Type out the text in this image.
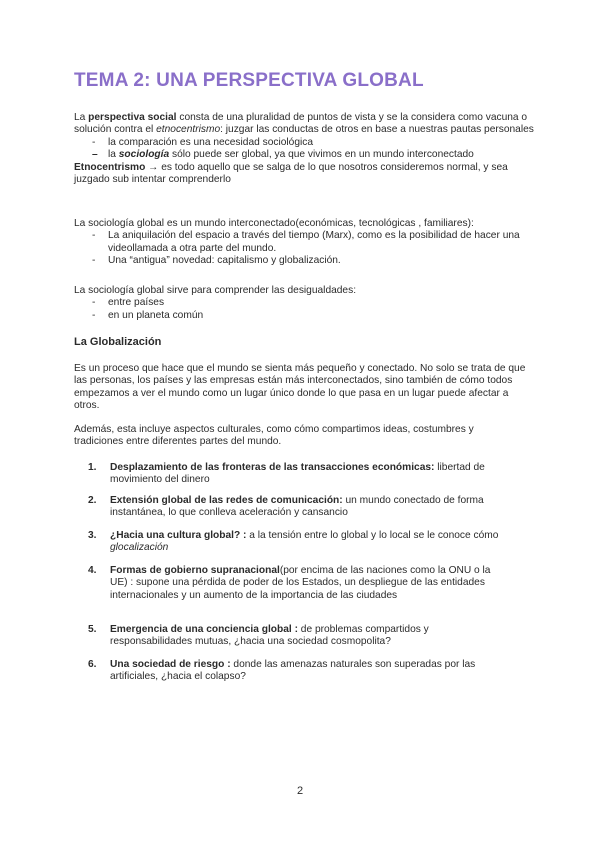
TEMA 2: UNA PERSPECTIVA GLOBAL

La perspectiva social consta de una pluralidad de puntos de vista y se la considera como vacuna o solución contra el etnocentrismo: juzgar las conductas de otros en base a nuestras pautas personales

- la comparación es una necesidad sociológica
– la sociología sólo puede ser global, ya que vivimos en un mundo interconectado

Etnocentrismo → es todo aquello que se salga de lo que nosotros consideremos normal, y sea juzgado sub intentar comprenderlo

La sociología global es un mundo interconectado(económicas, tecnológicas , familiares):

- La aniquilación del espacio a través del tiempo (Marx), como es la posibilidad de hacer una videollamada a otra parte del mundo.
- Una “antigua” novedad: capitalismo y globalización.

La sociología global sirve para comprender las desigualdades:

- entre países
- en un planeta común
La Globalización
Es un proceso que hace que el mundo se sienta más pequeño y conectado. No solo se trata de que las personas, los países y las empresas están más interconectados, sino también de cómo todos empezamos a ver el mundo como un lugar único donde lo que pasa en un lugar puede afectar a otros.
Además, esta incluye aspectos culturales, como cómo compartimos ideas, costumbres y tradiciones entre diferentes partes del mundo.
1.	Desplazamiento de las fronteras de las transacciones económicas: libertad de movimiento del dinero
2.	Extensión global de las redes de comunicación: un mundo conectado de forma instantánea, lo que conlleva aceleración y cansancio
3.	¿Hacia una cultura global? : a la tensión entre lo global y lo local se le conoce cómo glocalización
4.	Formas de gobierno supranacional(por encima de las naciones como la ONU o la UE) : supone una pérdida de poder de los Estados, un despliegue de las entidades internacionales y un aumento de la importancia de las ciudades
5.	Emergencia de una conciencia global : de problemas compartidos y responsabilidades mutuas, ¿hacia una sociedad cosmopolita?
6.	Una sociedad de riesgo : donde las amenazas naturales son superadas por las artificiales, ¿hacia el colapso?
2
